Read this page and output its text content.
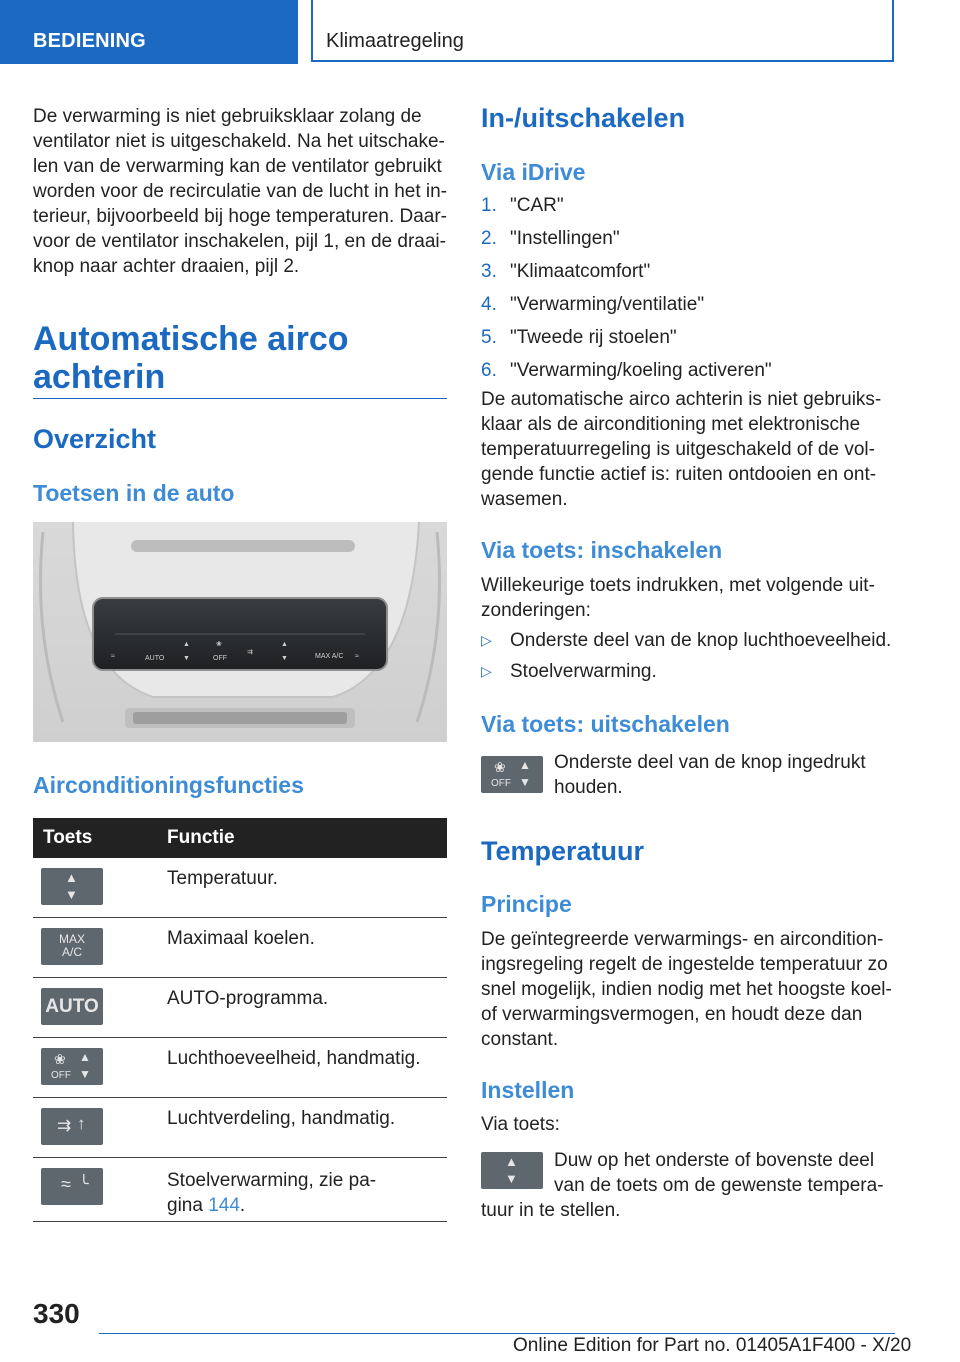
BEDIENING	Klimaatregeling

De verwarming is niet gebruiksklaar zolang de

ventilator niet is uitgeschakeld. Na het uitschake-

len van de verwarming kan de ventilator gebruikt

worden voor de recirculatie van de lucht in het in-

terieur, bijvoorbeeld bij hoge temperaturen. Daar-

voor de ventilator inschakelen, pijl 1, en de draai-

knop naar achter draaien, pijl 2.

Automatische airco
achterin
Overzicht
Toetsen in de auto
≈	AUTO
▲
▼
❀
OFF
⇉
▲
▼	MAX A/C ≈
Airconditioningsfuncties
Toets	Functie

▲
▼	Temperatuur.

MAX A/C	Maximaal koelen.

AUTO	AUTO-programma.

❀
OFF
▲
▼	Luchthoeveelheid, handmatig.

⇉ ↑	Luchtverdeling, handmatig.

≈ ╰	Stoelverwarming, zie pa-
gina 144.
In-/uitschakelen
Via iDrive
1. "CAR"
2. "Instellingen"
3. "Klimaatcomfort"
4. "Verwarming/ventilatie"
5. "Tweede rij stoelen"
6. "Verwarming/koeling activeren"

De automatische airco achterin is niet gebruiks-

klaar als de airconditioning met elektronische

temperatuurregeling is uitgeschakeld of de vol-

gende functie actief is: ruiten ontdooien en ont-

wasemen.

Via toets: inschakelen

Willekeurige toets indrukken, met volgende uit-

zonderingen:

▷ Onderste deel van de knop luchthoeveelheid.
▷ Stoelverwarming.
Via toets: uitschakelen
❀
OFF
▲
▼

Onderste deel van de knop ingedrukt

houden.

Temperatuur
Principe

De geïntegreerde verwarmings- en aircondition-

ingsregeling regelt de ingestelde temperatuur zo

snel mogelijk, indien nodig met het hoogste koel-

of verwarmingsvermogen, en houdt deze dan

constant.

Instellen

Via toets:

▲
▼

Duw op het onderste of bovenste deel

van de toets om de gewenste tempera-

tuur in te stellen.

330
Online Edition for Part no. 01405A1F400 - X/20
